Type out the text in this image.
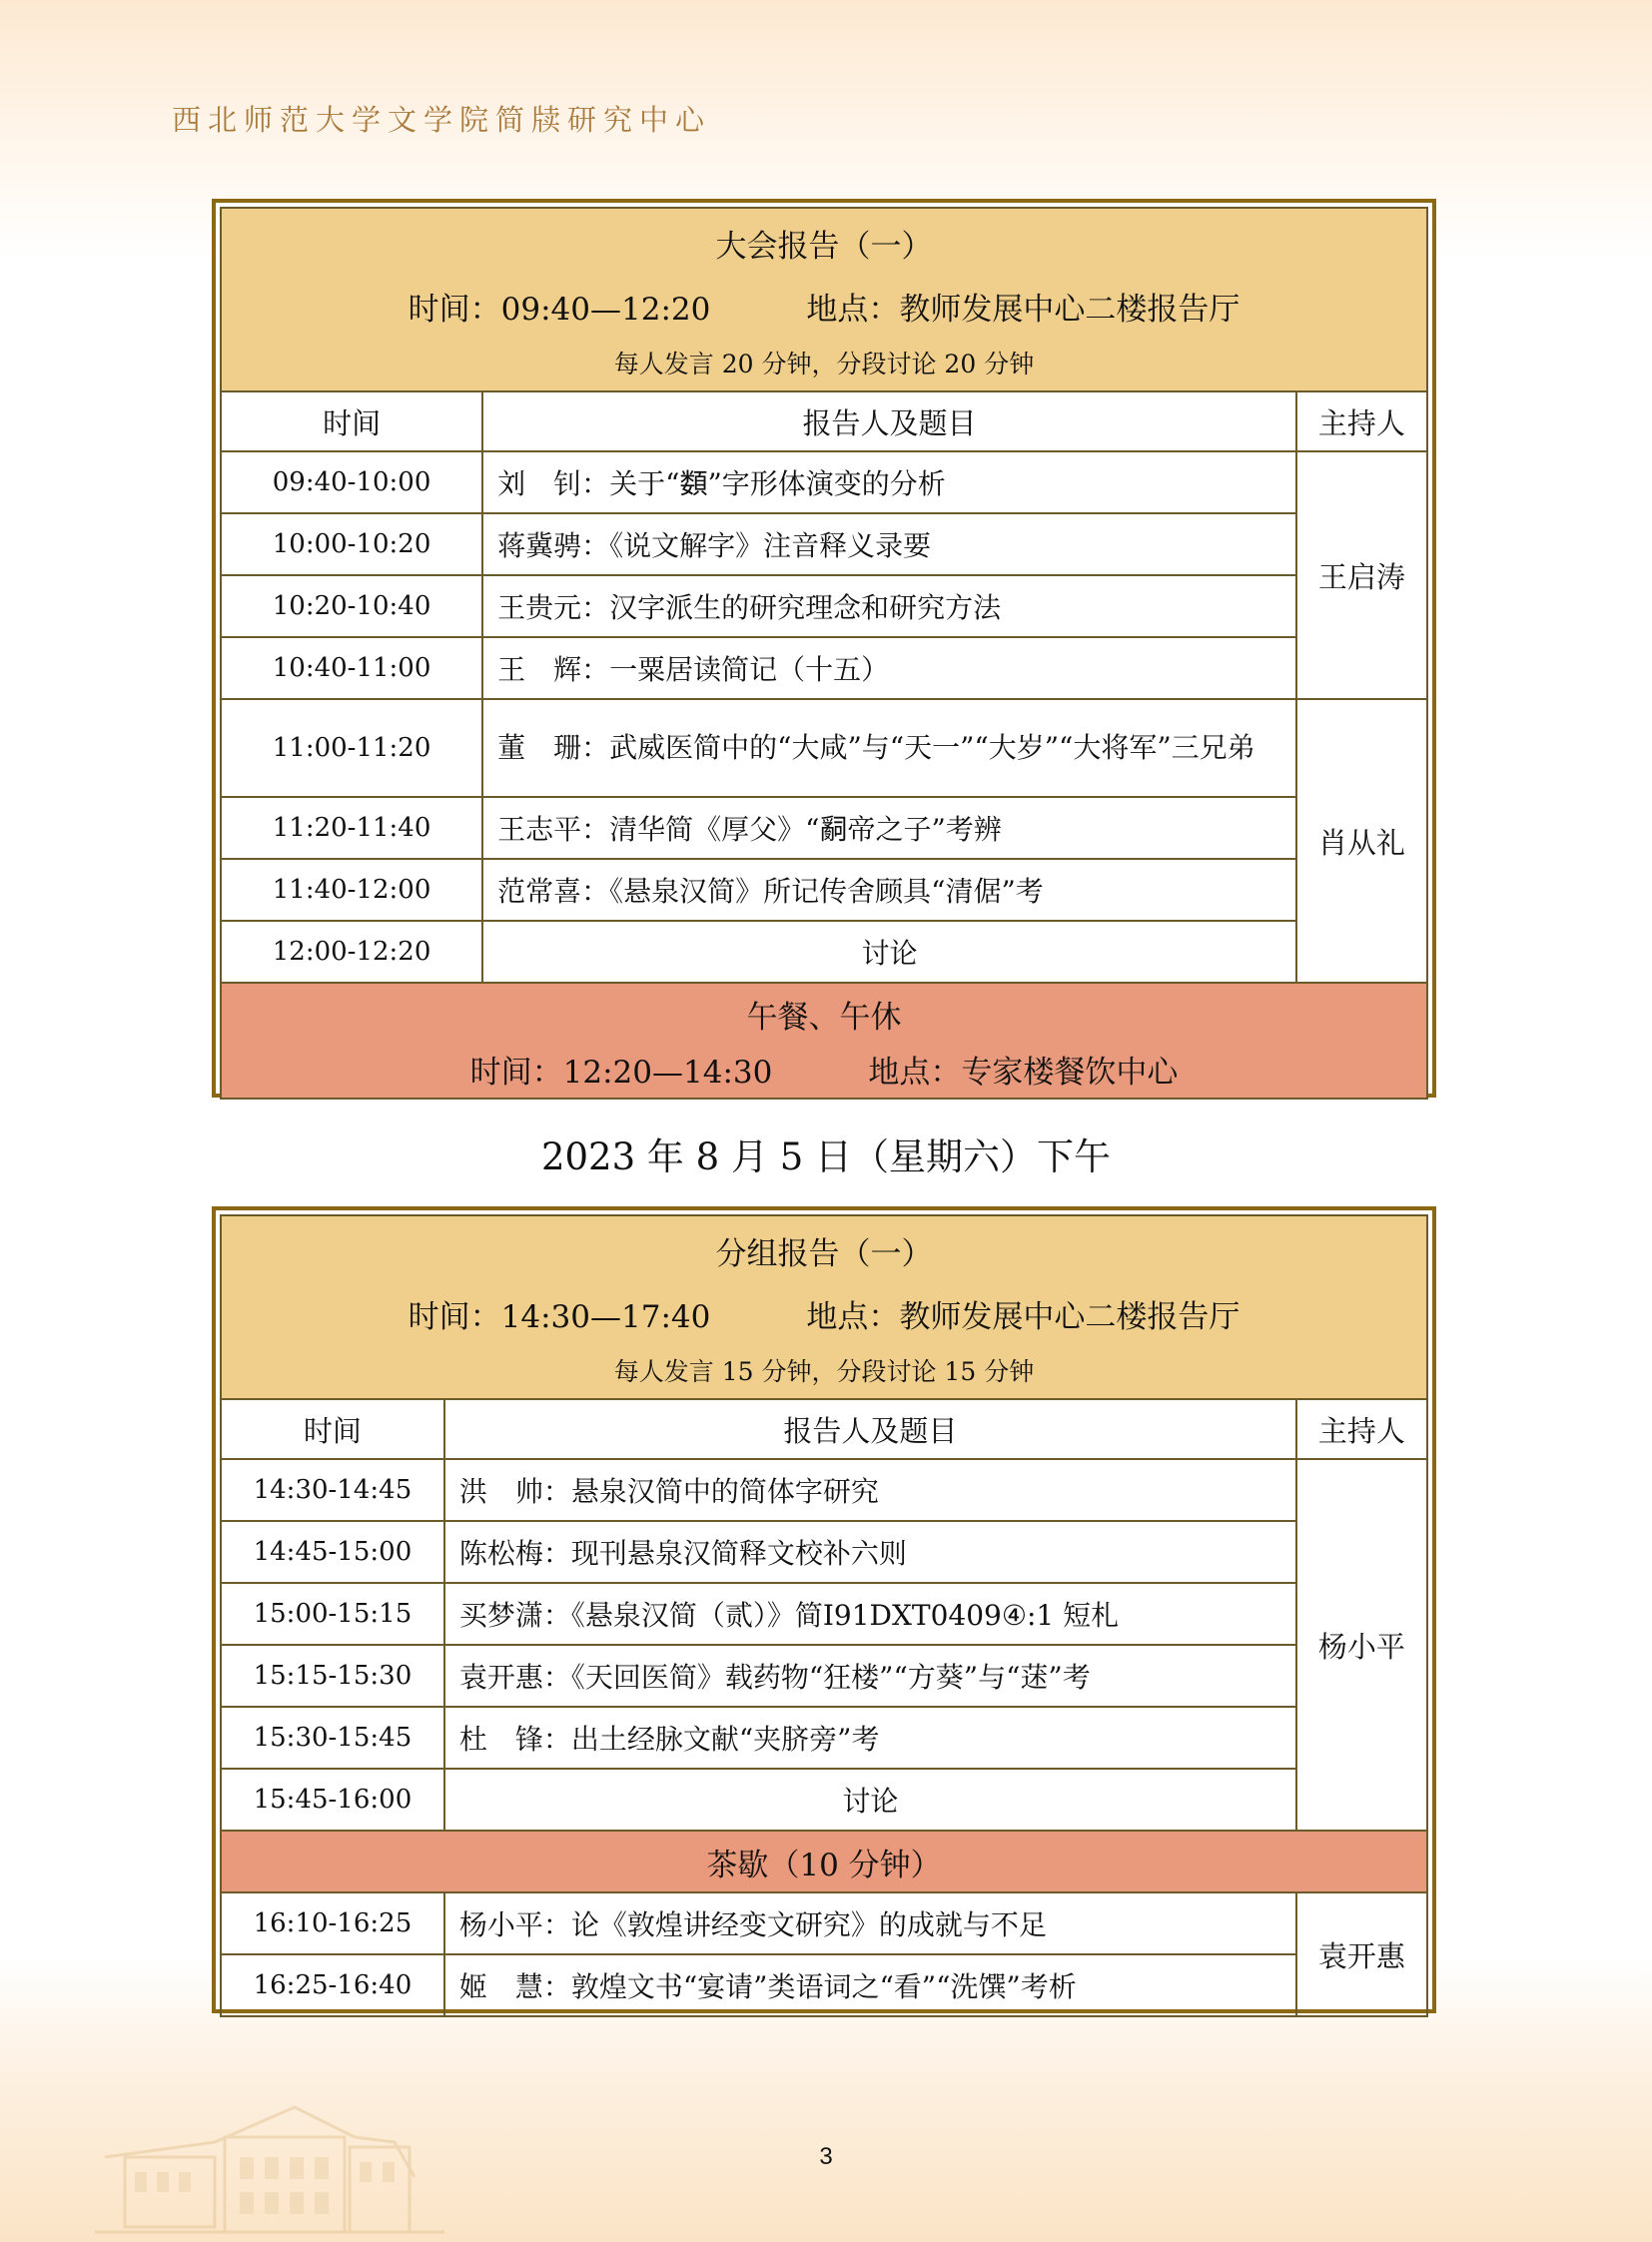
西北师范大学文学院简牍研究中心
大会报告（一）
时间：09:40—12:20 地点：教师发展中心二楼报告厅
每人发言 20 分钟，分段讨论 20 分钟		

时间	报告人及题目	主持人
09:40-10:00	刘　钊：关于“𩔗”字形体演变的分析	王启涛
10:00-10:20	蒋冀骋：《说文解字》注音释义录要	
10:20-10:40	王贵元：汉字派生的研究理念和研究方法	
10:40-11:00	王　辉：一粟居读简记（十五）	
11:00-11:20	董　珊：武威医简中的“大咸”与“天一”“大岁”“大将军”三兄弟	肖从礼
11:20-11:40	王志平：清华简《厚父》“𤔲帝之子”考辨	
11:40-12:00	范常喜：《悬泉汉简》所记传舍顾具“清倨”考	
12:00-12:20	讨论	

午餐、午休
时间：12:20—14:30 地点：专家楼餐饮中心		
2023 年 8 月 5 日（星期六）下午
分组报告（一）
时间：14:30—17:40 地点：教师发展中心二楼报告厅
每人发言 15 分钟，分段讨论 15 分钟		

时间	报告人及题目	主持人
14:30-14:45	洪　帅：悬泉汉简中的简体字研究	杨小平
14:45-15:00	陈松梅：现刊悬泉汉简释文校补六则	
15:00-15:15	买梦潇：《悬泉汉简（贰）》简Ⅰ91DXT0409④:1 短札	
15:15-15:30	袁开惠：《天回医简》载药物“狂楼”“方葵”与“蒁”考	
15:30-15:45	杜　锋：出土经脉文献“夹脐旁”考	
15:45-16:00	讨论	
茶歇（10 分钟）		
16:10-16:25	杨小平：论《敦煌讲经变文研究》的成就与不足	袁开惠
16:25-16:40	姬　慧：敦煌文书“宴请”类语词之“看”“洗馔”考析	
3
